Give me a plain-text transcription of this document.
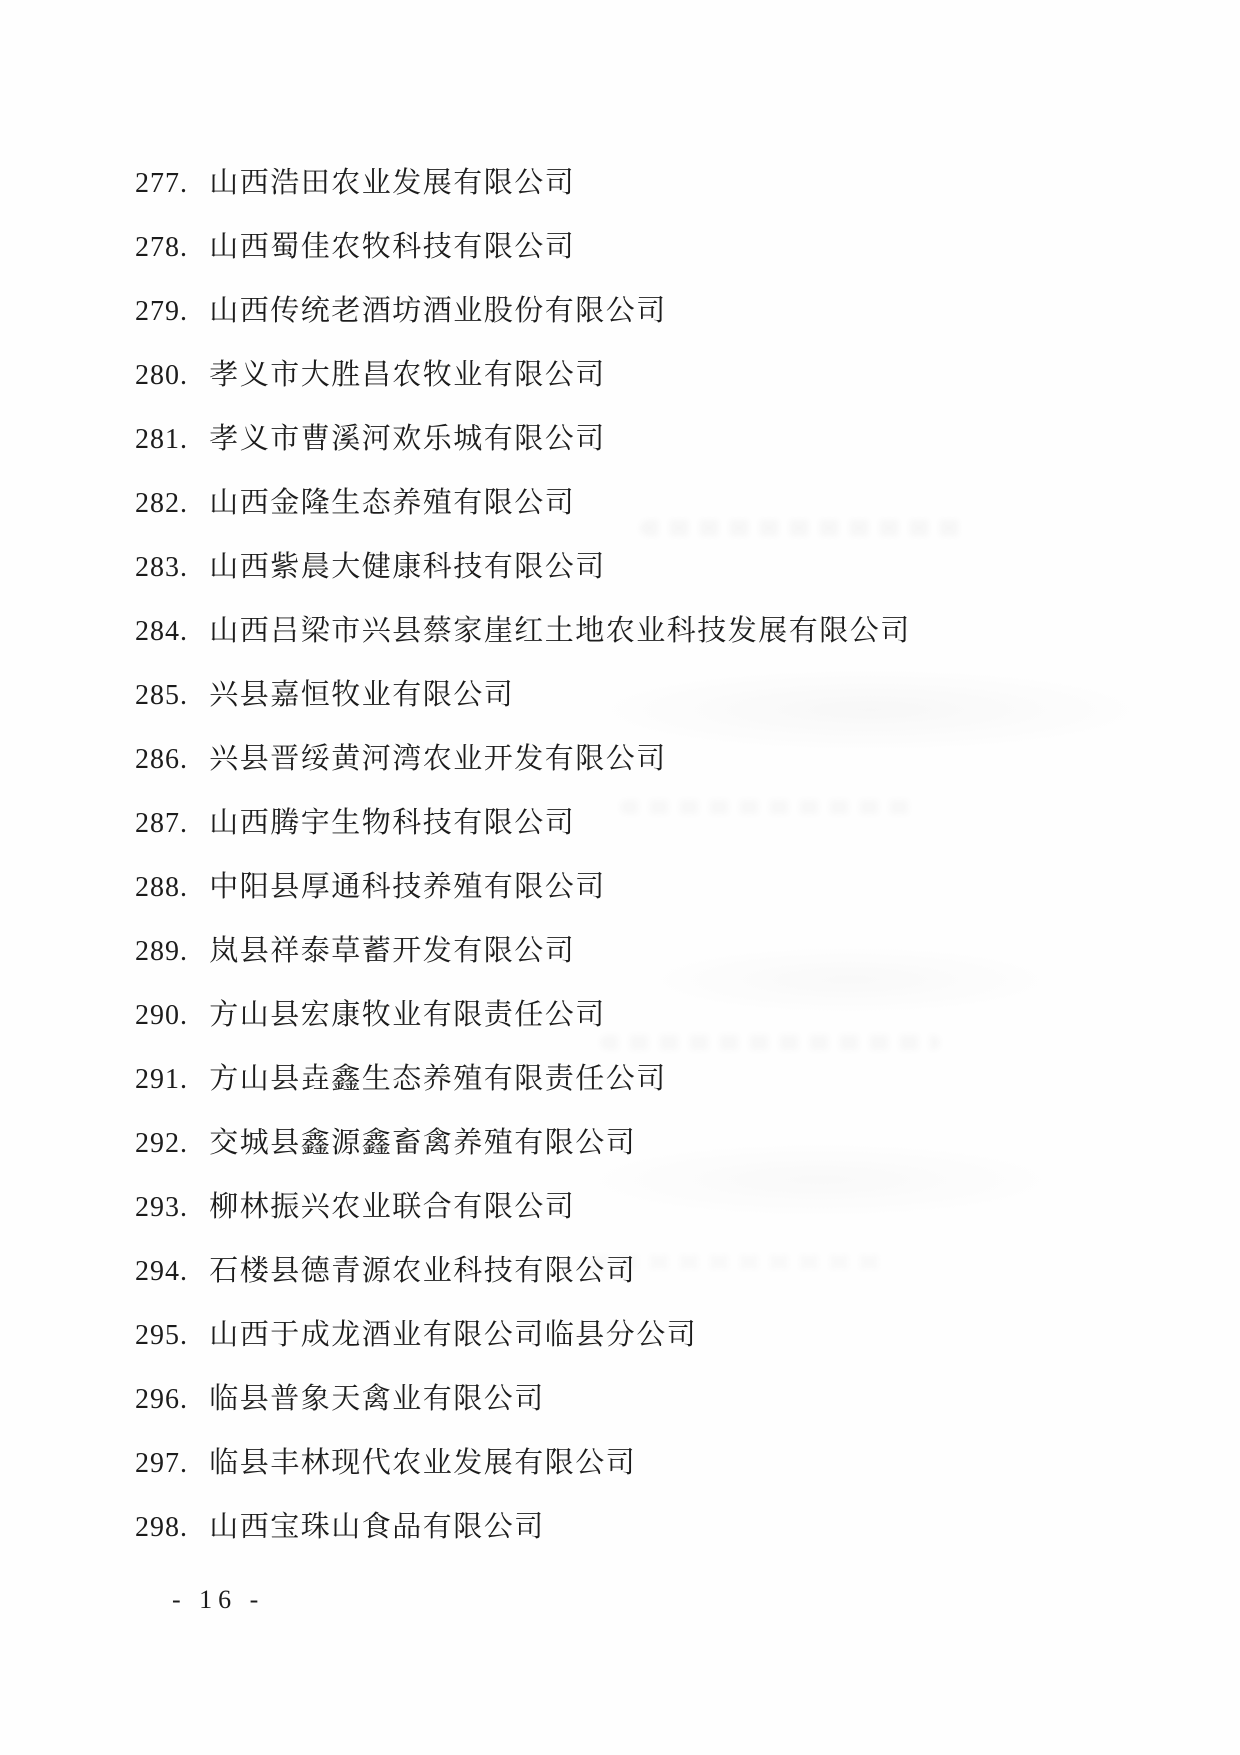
277. 山西浩田农业发展有限公司
278. 山西蜀佳农牧科技有限公司
279. 山西传统老酒坊酒业股份有限公司
280. 孝义市大胜昌农牧业有限公司
281. 孝义市曹溪河欢乐城有限公司
282. 山西金隆生态养殖有限公司
283. 山西紫晨大健康科技有限公司
284. 山西吕梁市兴县蔡家崖红土地农业科技发展有限公司
285. 兴县嘉恒牧业有限公司
286. 兴县晋绥黄河湾农业开发有限公司
287. 山西腾宇生物科技有限公司
288. 中阳县厚通科技养殖有限公司
289. 岚县祥泰草蓄开发有限公司
290. 方山县宏康牧业有限责任公司
291. 方山县垚鑫生态养殖有限责任公司
292. 交城县鑫源鑫畜禽养殖有限公司
293. 柳林振兴农业联合有限公司
294. 石楼县德青源农业科技有限公司
295. 山西于成龙酒业有限公司临县分公司
296. 临县普象天禽业有限公司
297. 临县丰林现代农业发展有限公司
298. 山西宝珠山食品有限公司
- 16 -
